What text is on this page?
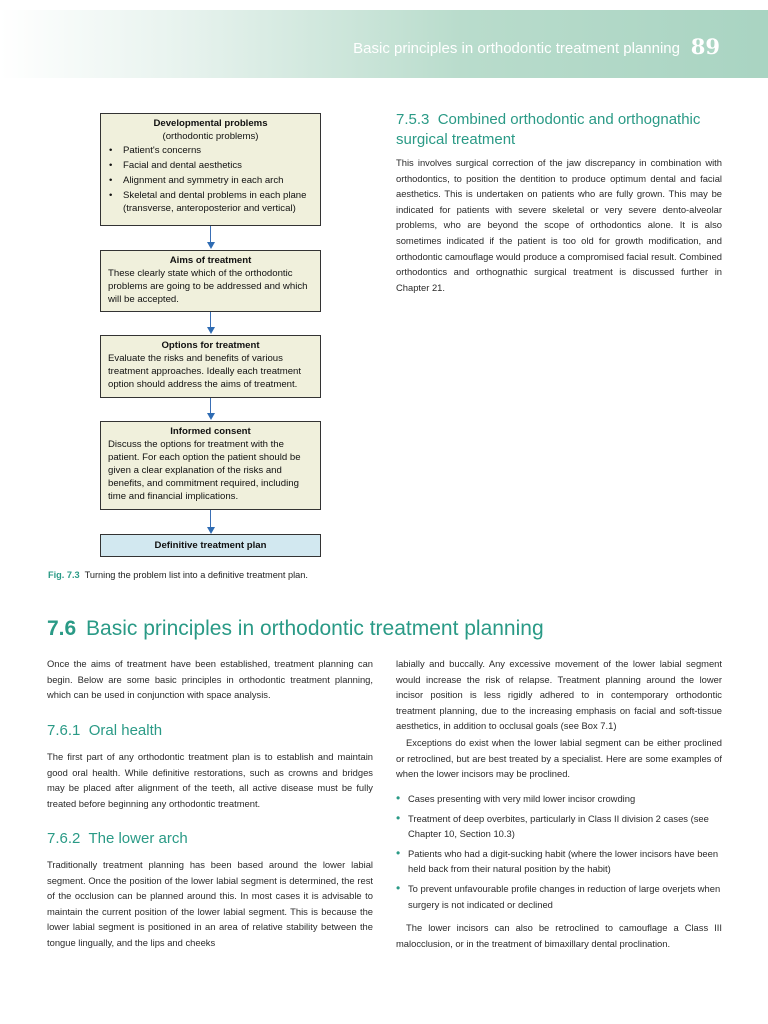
Basic principles in orthodontic treatment planning 89
Developmental problems
(orthodontic problems)
• Patient's concerns
• Facial and dental aesthetics
• Alignment and symmetry in each arch
• Skeletal and dental problems in each plane (transverse, anteroposterior and vertical)
Aims of treatment
These clearly state which of the orthodontic problems are going to be addressed and which will be accepted.
Options for treatment
Evaluate the risks and benefits of various treatment approaches. Ideally each treatment option should address the aims of treatment.
Informed consent
Discuss the options for treatment with the patient. For each option the patient should be given a clear explanation of the risks and benefits, and commitment required, including time and financial implications.
Definitive treatment plan
Fig. 7.3 Turning the problem list into a definitive treatment plan.
7.5.3 Combined orthodontic and orthognathic surgical treatment
This involves surgical correction of the jaw discrepancy in combination with orthodontics, to position the dentition to produce optimum dental and facial aesthetics. This is undertaken on patients who are fully grown. This may be indicated for patients with severe skeletal or very severe dento-alveolar problems, who are beyond the scope of orthodontics alone. It is also sometimes indicated if the patient is too old for growth modification, and orthodontic camouflage would produce a compromised facial result. Combined orthodontics and orthognathic surgical treatment is discussed further in Chapter 21.
7.6 Basic principles in orthodontic treatment planning
Once the aims of treatment have been established, treatment planning can begin. Below are some basic principles in orthodontic treatment planning, which can be used in conjunction with space analysis.
7.6.1 Oral health
The first part of any orthodontic treatment plan is to establish and maintain good oral health. While definitive restorations, such as crowns and bridges may be placed after alignment of the teeth, all active disease must be fully treated before beginning any orthodontic treatment.
7.6.2 The lower arch
Traditionally treatment planning has been based around the lower labial segment. Once the position of the lower labial segment is determined, the rest of the occlusion can be planned around this. In most cases it is advisable to maintain the current position of the lower labial segment. This is because the lower labial segment is positioned in an area of relative stability between the tongue lingually, and the lips and cheeks
labially and buccally. Any excessive movement of the lower labial segment would increase the risk of relapse. Treatment planning around the lower incisor position is less rigidly adhered to in contemporary orthodontic treatment planning, due to the increasing emphasis on facial and soft-tissue aesthetics, in addition to occlusal goals (see Box 7.1)
Exceptions do exist when the lower labial segment can be either proclined or retroclined, but are best treated by a specialist. Here are some examples of when the lower incisors may be proclined.
• Cases presenting with very mild lower incisor crowding
• Treatment of deep overbites, particularly in Class II division 2 cases (see Chapter 10, Section 10.3)
• Patients who had a digit-sucking habit (where the lower incisors have been held back from their natural position by the habit)
• To prevent unfavourable profile changes in reduction of large overjets when surgery is not indicated or declined
The lower incisors can also be retroclined to camouflage a Class III malocclusion, or in the treatment of bimaxillary dental proclination.
